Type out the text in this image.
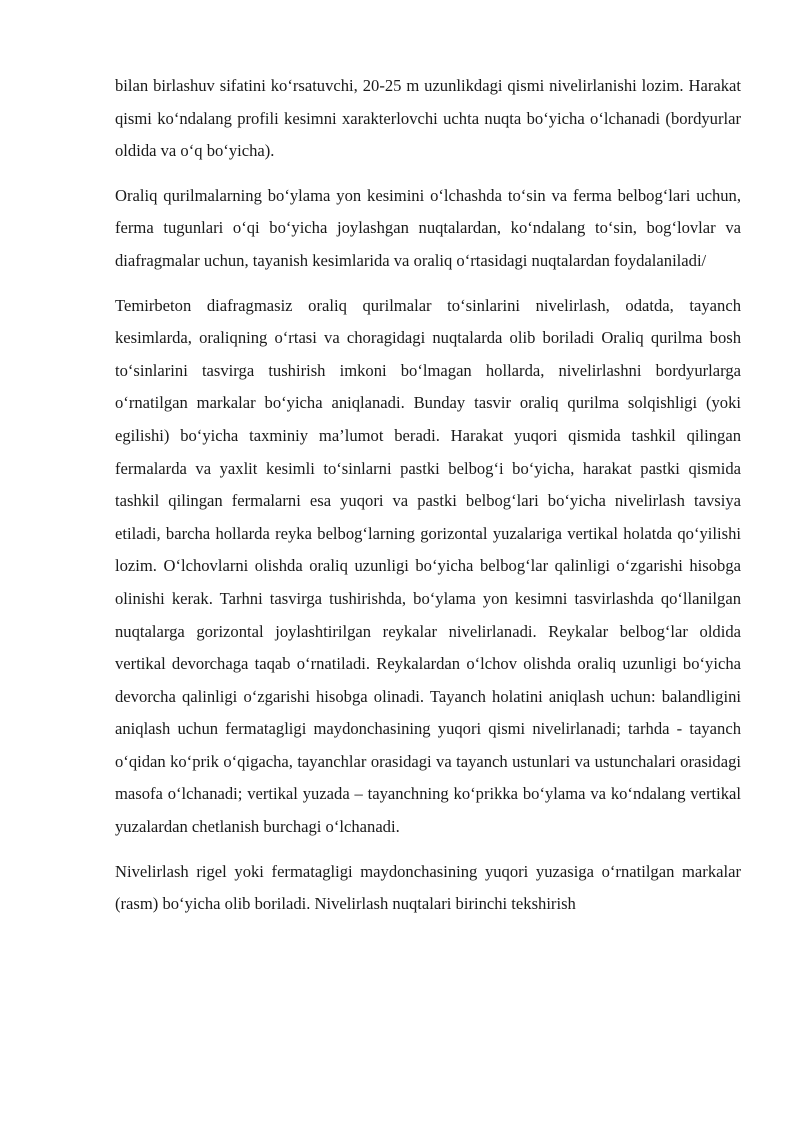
bilan birlashuv sifatini ko‘rsatuvchi, 20-25 m uzunlikdagi qismi nivelirlanishi lozim. Harakat qismi ko‘ndalang profili kesimni xarakterlovchi uchta nuqta bo‘yicha o‘lchanadi (bordyurlar oldida va o‘q bo‘yicha).

Oraliq qurilmalarning bo‘ylama yon kesimini o‘lchashda to‘sin va ferma belbog‘lari uchun, ferma tugunlari o‘qi bo‘yicha joylashgan nuqtalardan, ko‘ndalang to‘sin, bog‘lovlar va diafragmalar uchun, tayanish kesimlarida va oraliq o‘rtasidagi nuqtalardan foydalaniladi/

Temirbeton diafragmasiz oraliq qurilmalar to‘sinlarini nivelirlash, odatda, tayanch kesimlarda, oraliqning o‘rtasi va choragidagi nuqtalarda olib boriladi Oraliq qurilma bosh to‘sinlarini tasvirga tushirish imkoni bo‘lmagan hollarda, nivelirlashni bordyurlarga o‘rnatilgan markalar bo‘yicha aniqlanadi. Bunday tasvir oraliq qurilma solqishligi (yoki egilishi) bo‘yicha taxminiy ma’lumot beradi. Harakat yuqori qismida tashkil qilingan fermalarda va yaxlit kesimli to‘sinlarni pastki belbog‘i bo‘yicha, harakat pastki qismida tashkil qilingan fermalarni esa yuqori va pastki belbog‘lari bo‘yicha nivelirlash tavsiya etiladi, barcha hollarda reyka belbog‘larning gorizontal yuzalariga vertikal holatda qo‘yilishi lozim. O‘lchovlarni olishda oraliq uzunligi bo‘yicha belbog‘lar qalinligi o‘zgarishi hisobga olinishi kerak. Tarhni tasvirga tushirishda, bo‘ylama yon kesimni tasvirlashda qo‘llanilgan nuqtalarga gorizontal joylashtirilgan reykalar nivelirlanadi. Reykalar belbog‘lar oldida vertikal devorchaga taqab o‘rnatiladi. Reykalardan o‘lchov olishda oraliq uzunligi bo‘yicha devorcha qalinligi o‘zgarishi hisobga olinadi. Tayanch holatini aniqlash uchun: balandligini aniqlash uchun fermatagligi maydonchasining yuqori qismi nivelirlanadi; tarhda - tayanch o‘qidan ko‘prik o‘qigacha, tayanchlar orasidagi va tayanch ustunlari va ustunchalari orasidagi masofa o‘lchanadi; vertikal yuzada – tayanchning ko‘prikka bo‘ylama va ko‘ndalang vertikal yuzalardan chetlanish burchagi o‘lchanadi.

Nivelirlash rigel yoki fermatagligi maydonchasining yuqori yuzasiga o‘rnatilgan markalar (rasm) bo‘yicha olib boriladi. Nivelirlash nuqtalari birinchi tekshirish
